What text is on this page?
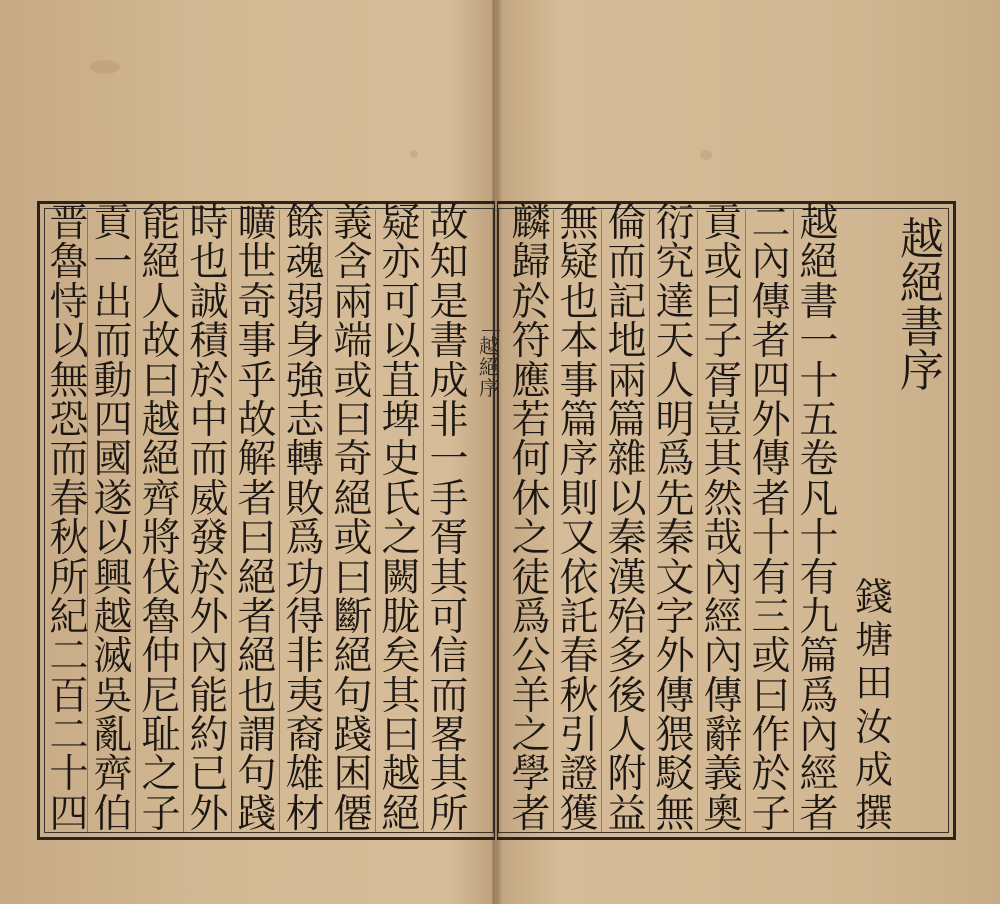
越
絕
序
越
絕
書
序
錢
塘
田
汝
成
撰
越
絕
書
一
十
五
卷
凡
十
有
九
篇
爲
內
經
者
二
內
傳
者
四
外
傳
者
十
有
三
或
曰
作
於
子
貢
或
曰
子
胥
豈
其
然
哉
內
經
內
傳
辭
義
奧
衍
究
達
天
人
明
爲
先
秦
文
字
外
傳
猥
駁
無
倫
而
記
地
兩
篇
雜
以
秦
漢
殆
多
後
人
附
益
無
疑
也
本
事
篇
序
則
又
依
託
春
秋
引
證
獲
麟
歸
於
符
應
若
何
休
之
徒
爲
公
羊
之
學
者
故
知
是
書
成
非
一
手
胥
其
可
信
而
畧
其
所
疑
亦
可
以
苴
埤
史
氏
之
闕
胧
矣
其
曰
越
絕
義
含
兩
端
或
曰
奇
絕
或
曰
斷
絕
句
踐
困
僊
餘
魂
弱
身
強
志
轉
敗
爲
功
得
非
夷
裔
雄
材
曠
世
奇
事
乎
故
解
者
曰
絕
者
絕
也
謂
句
踐
時
也
誠
積
於
中
而
威
發
於
外
內
能
約
已
外
能
絕
人
故
曰
越
絕
齊
將
伐
魯
仲
尼
耻
之
子
貢
一
出
而
動
四
國
遂
以
興
越
滅
吳
亂
齊
伯
晋
魯
恃
以
無
恐
而
春
秋
所
紀
二
百
二
十
四
